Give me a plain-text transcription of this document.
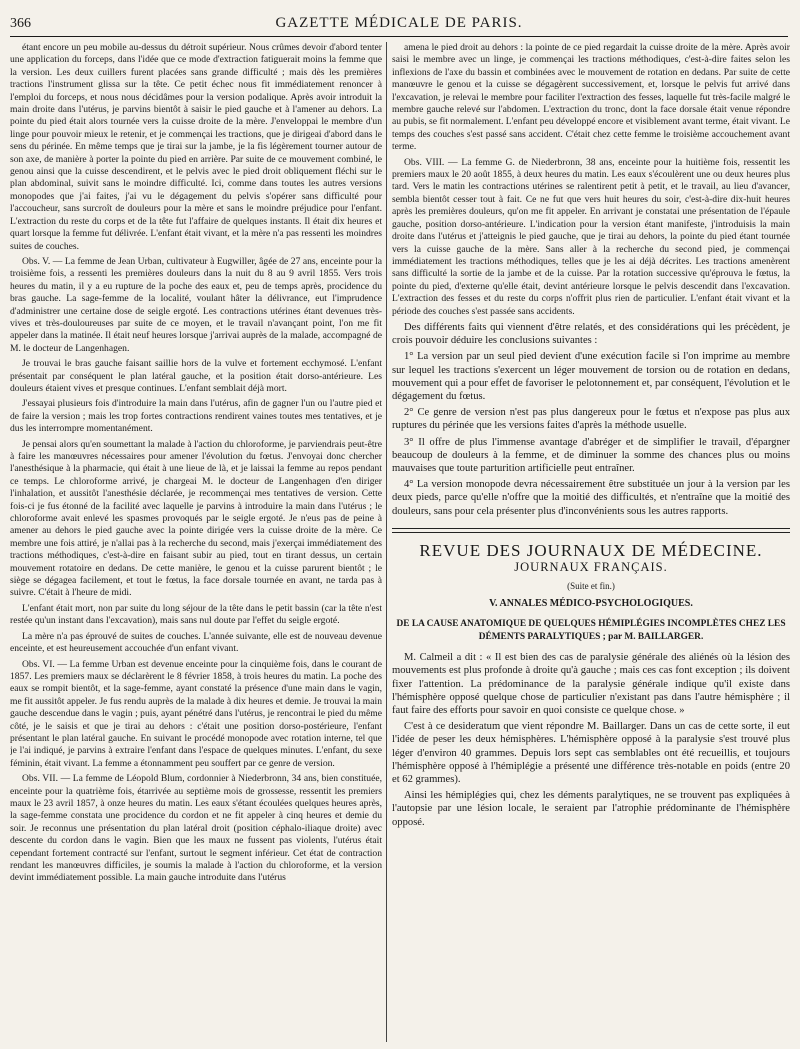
366	GAZETTE MÉDICALE DE PARIS.

étant encore un peu mobile au-dessus du détroit supérieur. Nous crûmes devoir d'abord tenter une application du forceps, dans l'idée que ce mode d'extraction fatiguerait moins la femme que la version. Les deux cuillers furent placées sans grande difficulté ; mais dès les premières tractions l'instrument glissa sur la tête. Ce petit échec nous fit immédiatement renoncer à l'emploi du forceps, et nous nous décidâmes pour la version podalique. Après avoir introduit la main droite dans l'utérus, je parvins bientôt à saisir le pied gauche et à l'amener au dehors. La pointe du pied était alors tournée vers la cuisse droite de la mère. J'enveloppai le membre d'un linge pour pouvoir mieux le retenir, et je commençai les tractions, que je dirigeai d'abord dans le sens du périnée. En même temps que je tirai sur la jambe, je la fis légèrement tourner autour de son axe, de manière à porter la pointe du pied en arrière. Par suite de ce mouvement combiné, le genou ainsi que la cuisse descendirent, et le pelvis avec le pied droit obliquement fléchi sur le plan abdominal, suivit sans le moindre difficulté. Ici, comme dans toutes les autres versions monopodes que j'ai faites, j'ai vu le dégagement du pelvis s'opérer sans difficulté pour l'accoucheur, sans surcroît de douleurs pour la mère et sans le moindre préjudice pour l'enfant. L'extraction du reste du corps et de la tête fut l'affaire de quelques instants. Il était dix heures et quart lorsque la femme fut délivrée. L'enfant était vivant, et la mère n'a pas ressenti les moindres suites de couches.

Obs. V. — La femme de Jean Urban, cultivateur à Eugwiller, âgée de 27 ans, enceinte pour la troisième fois, a ressenti les premières douleurs dans la nuit du 8 au 9 avril 1855. Vers trois heures du matin, il y a eu rupture de la poche des eaux et, peu de temps après, procidence du bras gauche. La sage-femme de la localité, voulant hâter la délivrance, eut l'imprudence d'administrer une certaine dose de seigle ergoté. Les contractions utérines étant devenues très-vives et très-douloureuses par suite de ce moyen, et le travail n'avançant point, l'on me fit appeler dans la matinée. Il était neuf heures lorsque j'arrivai auprès de la malade, accompagné de M. le docteur de Langenhagen.

Je trouvai le bras gauche faisant saillie hors de la vulve et fortement ecchymosé. L'enfant présentait par conséquent le plan latéral gauche, et la position était dorso-antérieure. Les douleurs étaient vives et presque continues. L'enfant semblait déjà mort.

J'essayai plusieurs fois d'introduire la main dans l'utérus, afin de gagner l'un ou l'autre pied et de faire la version ; mais les trop fortes contractions rendirent vaines toutes mes tentatives, et je dus les interrompre momentanément.

Je pensai alors qu'en soumettant la malade à l'action du chloroforme, je parviendrais peut-être à faire les manœuvres nécessaires pour amener l'évolution du fœtus. J'envoyai donc chercher l'anesthésique à la pharmacie, qui était à une lieue de là, et je laissai la femme au repos pendant ce temps. Le chloroforme arrivé, je chargeai M. le docteur de Langenhagen d'en diriger l'inhalation, et aussitôt l'anesthésie déclarée, je recommençai mes tentatives de version. Cette fois-ci je fus étonné de la facilité avec laquelle je parvins à introduire la main dans l'utérus ; le chloroforme avait enlevé les spasmes provoqués par le seigle ergoté. Je n'eus pas de peine à amener au dehors le pied gauche avec la pointe dirigée vers la cuisse droite de la mère. Ce membre une fois attiré, je n'allai pas à la recherche du second, mais j'exerçai immédiatement des tractions méthodiques, c'est-à-dire en faisant subir au pied, tout en tirant dessus, un certain mouvement rotatoire en dedans. De cette manière, le genou et la cuisse parurent bientôt ; le siège se dégagea facilement, et tout le fœtus, la face dorsale tournée en avant, ne tarda pas à suivre. C'était à l'heure de midi.

L'enfant était mort, non par suite du long séjour de la tête dans le petit bassin (car la tête n'est restée qu'un instant dans l'excavation), mais sans nul doute par l'effet du seigle ergoté.

La mère n'a pas éprouvé de suites de couches. L'année suivante, elle est de nouveau devenue enceinte, et est heureusement accouchée d'un enfant vivant.

Obs. VI. — La femme Urban est devenue enceinte pour la cinquième fois, dans le courant de 1857. Les premiers maux se déclarèrent le 8 février 1858, à trois heures du matin. La poche des eaux se rompit bientôt, et la sage-femme, ayant constaté la présence d'une main dans le vagin, me fit aussitôt appeler. Je fus rendu auprès de la malade à dix heures et demie. Je trouvai la main gauche descendue dans le vagin ; puis, ayant pénétré dans l'utérus, je rencontrai le pied du même côté, je le saisis et que je tirai au dehors : c'était une position dorso-postérieure, l'enfant présentant le plan latéral gauche. En suivant le procédé monopode avec rotation interne, tel que je l'ai indiqué, je parvins à extraire l'enfant dans l'espace de quelques minutes. L'enfant, du sexe féminin, était vivant. La femme a étonnamment peu souffert par ce genre de version.

Obs. VII. — La femme de Léopold Blum, cordonnier à Niederbronn, 34 ans, bien constituée, enceinte pour la quatrième fois, étarrivée au septième mois de grossesse, ressentit les premiers maux le 23 avril 1857, à onze heures du matin. Les eaux s'étant écoulées quelques heures après, la sage-femme constata une procidence du cordon et ne fit appeler à cinq heures et demie du soir. Je reconnus une présentation du plan latéral droit (position céphalo-iliaque droite) avec descente du cordon dans le vagin. Bien que les maux ne fussent pas violents, l'utérus était cependant fortement contracté sur l'enfant, surtout le segment inférieur. Cet état de contraction rendant les manœuvres difficiles, je soumis la malade à l'action du chloroforme, et la version devint immédiatement possible. La main gauche introduite dans l'utérus

amena le pied droit au dehors : la pointe de ce pied regardait la cuisse droite de la mère. Après avoir saisi le membre avec un linge, je commençai les tractions méthodiques, c'est-à-dire faites selon les inflexions de l'axe du bassin et combinées avec le mouvement de rotation en dedans. Par suite de cette manœuvre le genou et la cuisse se dégagèrent successivement, et, lorsque le pelvis fut arrivé dans l'excavation, je relevai le membre pour faciliter l'extraction des fesses, laquelle fut très-facile malgré le membre gauche relevé sur l'abdomen. L'extraction du tronc, dont la face dorsale était venue répondre au pubis, se fit normalement. L'enfant peu développé encore et visiblement avant terme, était vivant. Le temps des couches s'est passé sans accident. C'était chez cette femme le troisième accouchement avant terme.

Obs. VIII. — La femme G. de Niederbronn, 38 ans, enceinte pour la huitième fois, ressentit les premiers maux le 20 août 1855, à deux heures du matin. Les eaux s'écoulèrent une ou deux heures plus tard. Vers le matin les contractions utérines se ralentirent petit à petit, et le travail, au lieu d'avancer, sembla bientôt cesser tout à fait. Ce ne fut que vers huit heures du soir, c'est-à-dire dix-huit heures après les premières douleurs, qu'on me fit appeler. En arrivant je constatai une présentation de l'épaule gauche, position dorso-antérieure. L'indication pour la version étant manifeste, j'introduisis la main droite dans l'utérus et j'atteignis le pied gauche, que je tirai au dehors, la pointe du pied étant tournée vers la cuisse gauche de la mère. Sans aller à la recherche du second pied, je commençai immédiatement les tractions méthodiques, telles que je les ai déjà décrites. Les tractions amenèrent sans difficulté la sortie de la jambe et de la cuisse. Par la rotation successive qu'éprouva le fœtus, la pointe du pied, d'externe qu'elle était, devint antérieure lorsque le pelvis descendit dans l'excavation. L'extraction des fesses et du reste du corps n'offrit plus rien de particulier. L'enfant était vivant et la période des couches s'est passée sans accidents.

Des différents faits qui viennent d'être relatés, et des considérations qui les précèdent, je crois pouvoir déduire les conclusions suivantes :

1° La version par un seul pied devient d'une exécution facile si l'on imprime au membre sur lequel les tractions s'exercent un léger mouvement de torsion ou de rotation en dedans, mouvement qui a pour effet de favoriser le pelotonnement et, par conséquent, l'évolution et le dégagement du fœtus.

2° Ce genre de version n'est pas plus dangereux pour le fœtus et n'expose pas plus aux ruptures du périnée que les versions faites d'après la méthode usuelle.

3° Il offre de plus l'immense avantage d'abréger et de simplifier le travail, d'épargner beaucoup de douleurs à la femme, et de diminuer la somme des chances plus ou moins mauvaises que toute parturition artificielle peut entraîner.

4° La version monopode devra nécessairement être substituée un jour à la version par les deux pieds, parce qu'elle n'offre que la moitié des difficultés, et n'entraîne que la moitié des douleurs, sans pour cela présenter plus d'inconvénients sous les autres rapports.

REVUE DES JOURNAUX DE MÉDECINE.
JOURNAUX FRANÇAIS.
(Suite et fin.)
V. ANNALES MÉDICO-PSYCHOLOGIQUES.
DE LA CAUSE ANATOMIQUE DE QUELQUES HÉMIPLÉGIES INCOMPLÈTES CHEZ LES DÉMENTS PARALYTIQUES ; par M. BAILLARGER.

M. Calmeil a dit : « Il est bien des cas de paralysie générale des aliénés où la lésion des mouvements est plus profonde à droite qu'à gauche ; mais ces cas font exception ; ils doivent fixer l'attention. La prédominance de la paralysie générale indique qu'il existe dans l'hémisphère opposé quelque chose de particulier n'existant pas dans l'autre hémisphère ; il faut faire des efforts pour savoir en quoi consiste ce quelque chose. »

C'est à ce desideratum que vient répondre M. Baillarger. Dans un cas de cette sorte, il eut l'idée de peser les deux hémisphères. L'hémisphère opposé à la paralysie s'est trouvé plus léger d'environ 40 grammes. Depuis lors sept cas semblables ont été recueillis, et toujours l'hémisphère opposé à l'hémiplégie a présenté une différence très-notable en poids (entre 20 et 62 grammes).

Ainsi les hémiplégies qui, chez les déments paralytiques, ne se trouvent pas expliquées à l'autopsie par une lésion locale, le seraient par l'atrophie prédominante de l'hémisphère opposé.
